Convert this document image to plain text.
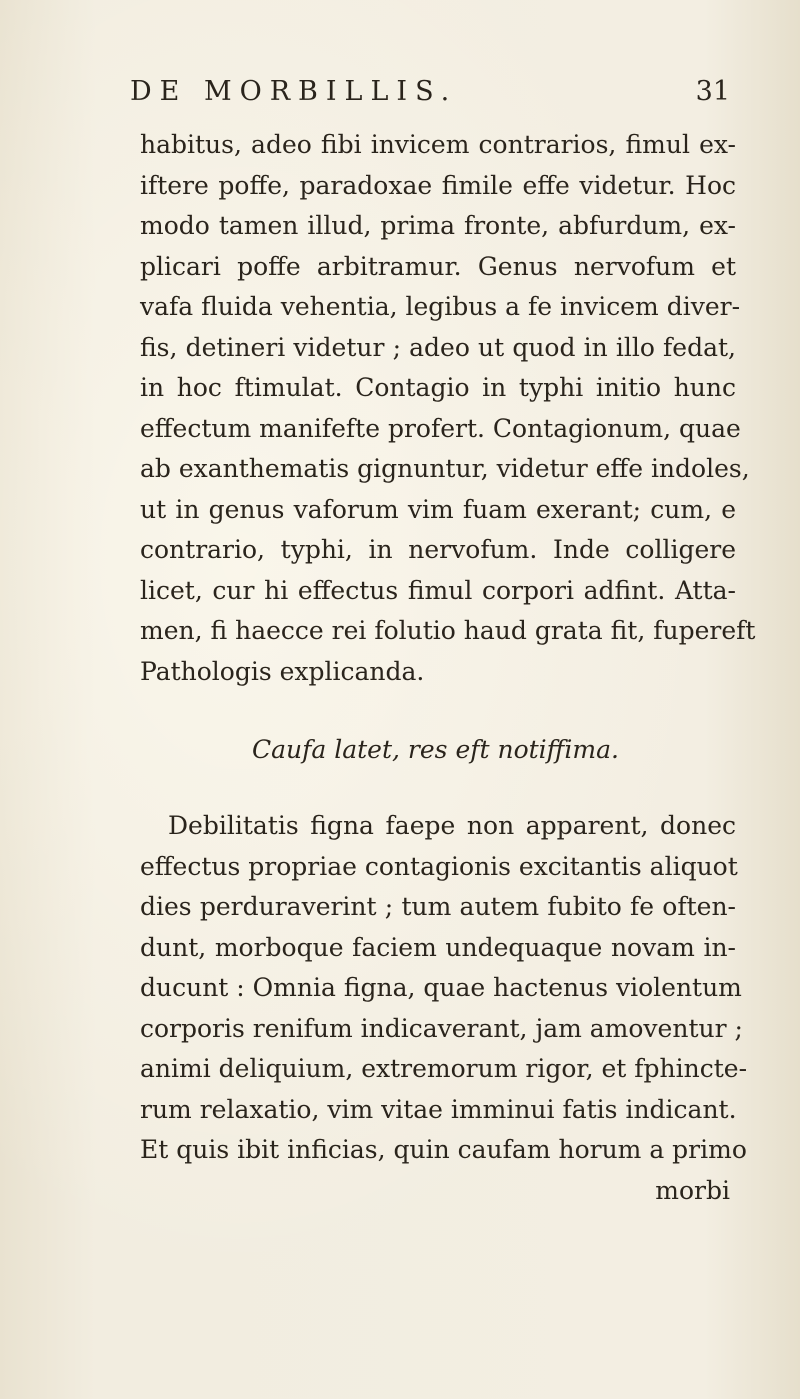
DE MORBILLIS.	31
habitus, adeo fibi invicem contrarios, fimul ex-
iftere poffe, paradoxae fimile effe videtur. Hoc
modo tamen illud, prima fronte, abfurdum, ex-
plicari poffe arbitramur. Genus nervofum et
vafa fluida vehentia, legibus a fe invicem diver-
fis, detineri videtur ; adeo ut quod in illo fedat,
in hoc ftimulat. Contagio in typhi initio hunc
effectum manifefte profert. Contagionum, quae
ab exanthematis gignuntur, videtur effe indoles,
ut in genus vaforum vim fuam exerant; cum, e
contrario, typhi, in nervofum. Inde colligere
licet, cur hi effectus fimul corpori adfint. Atta-
men, fi haecce rei folutio haud grata fit, fupereft
Pathologis explicanda.
Caufa latet, res eft notiffima.
Debilitatis figna faepe non apparent, donec
effectus propriae contagionis excitantis aliquot
dies perduraverint ; tum autem fubito fe often-
dunt, morboque faciem undequaque novam in-
ducunt : Omnia figna, quae hactenus violentum
corporis renifum indicaverant, jam amoventur ;
animi deliquium, extremorum rigor, et fphincte-
rum relaxatio, vim vitae imminui fatis indicant.
Et quis ibit inficias, quin caufam horum a primo
morbi
